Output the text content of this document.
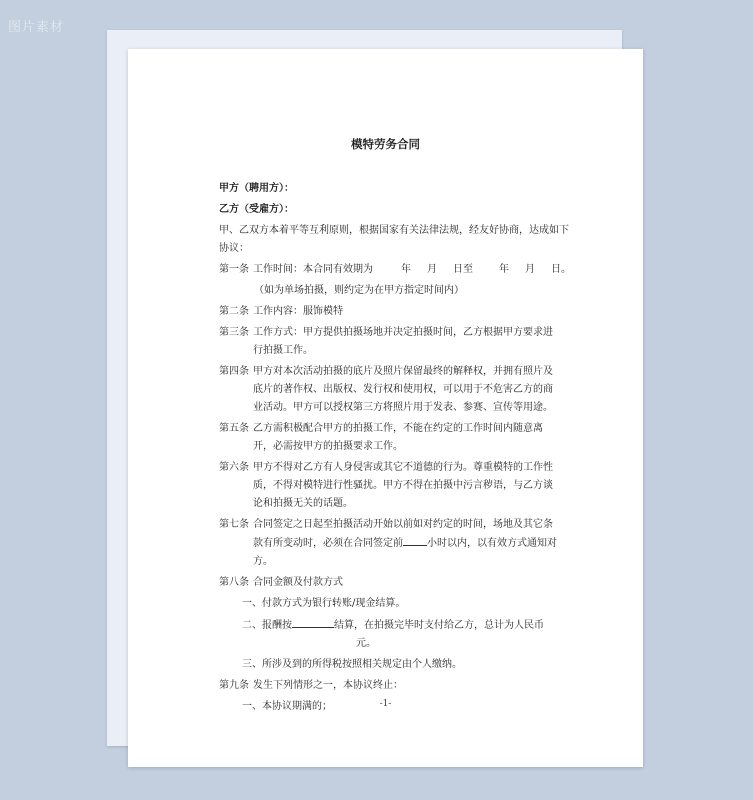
图片素材
模特劳务合同
甲方（聘用方）：
乙方（受雇方）：
甲、乙双方本着平等互利原则，根据国家有关法律法规，经友好协商，达成如下
协议：
第一条 工作时间：本合同有效期为	年 月 日至	年 月 日。
（如为单场拍摄，则约定为在甲方指定时间内）
第二条 工作内容：服饰模特
第三条 工作方式：甲方提供拍摄场地并决定拍摄时间，乙方根据甲方要求进行拍摄工作。
第四条 甲方对本次活动拍摄的底片及照片保留最终的解释权，并拥有照片及底片的著作权、出版权、发行权和使用权，可以用于不危害乙方的商业活动。甲方可以授权第三方将照片用于发表、参赛、宣传等用途。
第五条 乙方需积极配合甲方的拍摄工作，不能在约定的工作时间内随意离开，必需按甲方的拍摄要求工作。
第六条 甲方不得对乙方有人身侵害或其它不道德的行为。尊重模特的工作性质，不得对模特进行性骚扰。甲方不得在拍摄中污言秽语，与乙方谈论和拍摄无关的话题。
第七条 合同签定之日起至拍摄活动开始以前如对约定的时间，场地及其它条款有所变动时，必须在合同签定前 小时以内，以有效方式通知对方。
第八条 合同金额及付款方式
一、付款方式为银行转账/现金结算。
二、报酬按	结算，在拍摄完毕时支付给乙方，总计为人民币
元。
三、所涉及到的所得税按照相关规定由个人缴纳。
第九条 发生下列情形之一，本协议终止：
一、本协议期满的；	-1-
